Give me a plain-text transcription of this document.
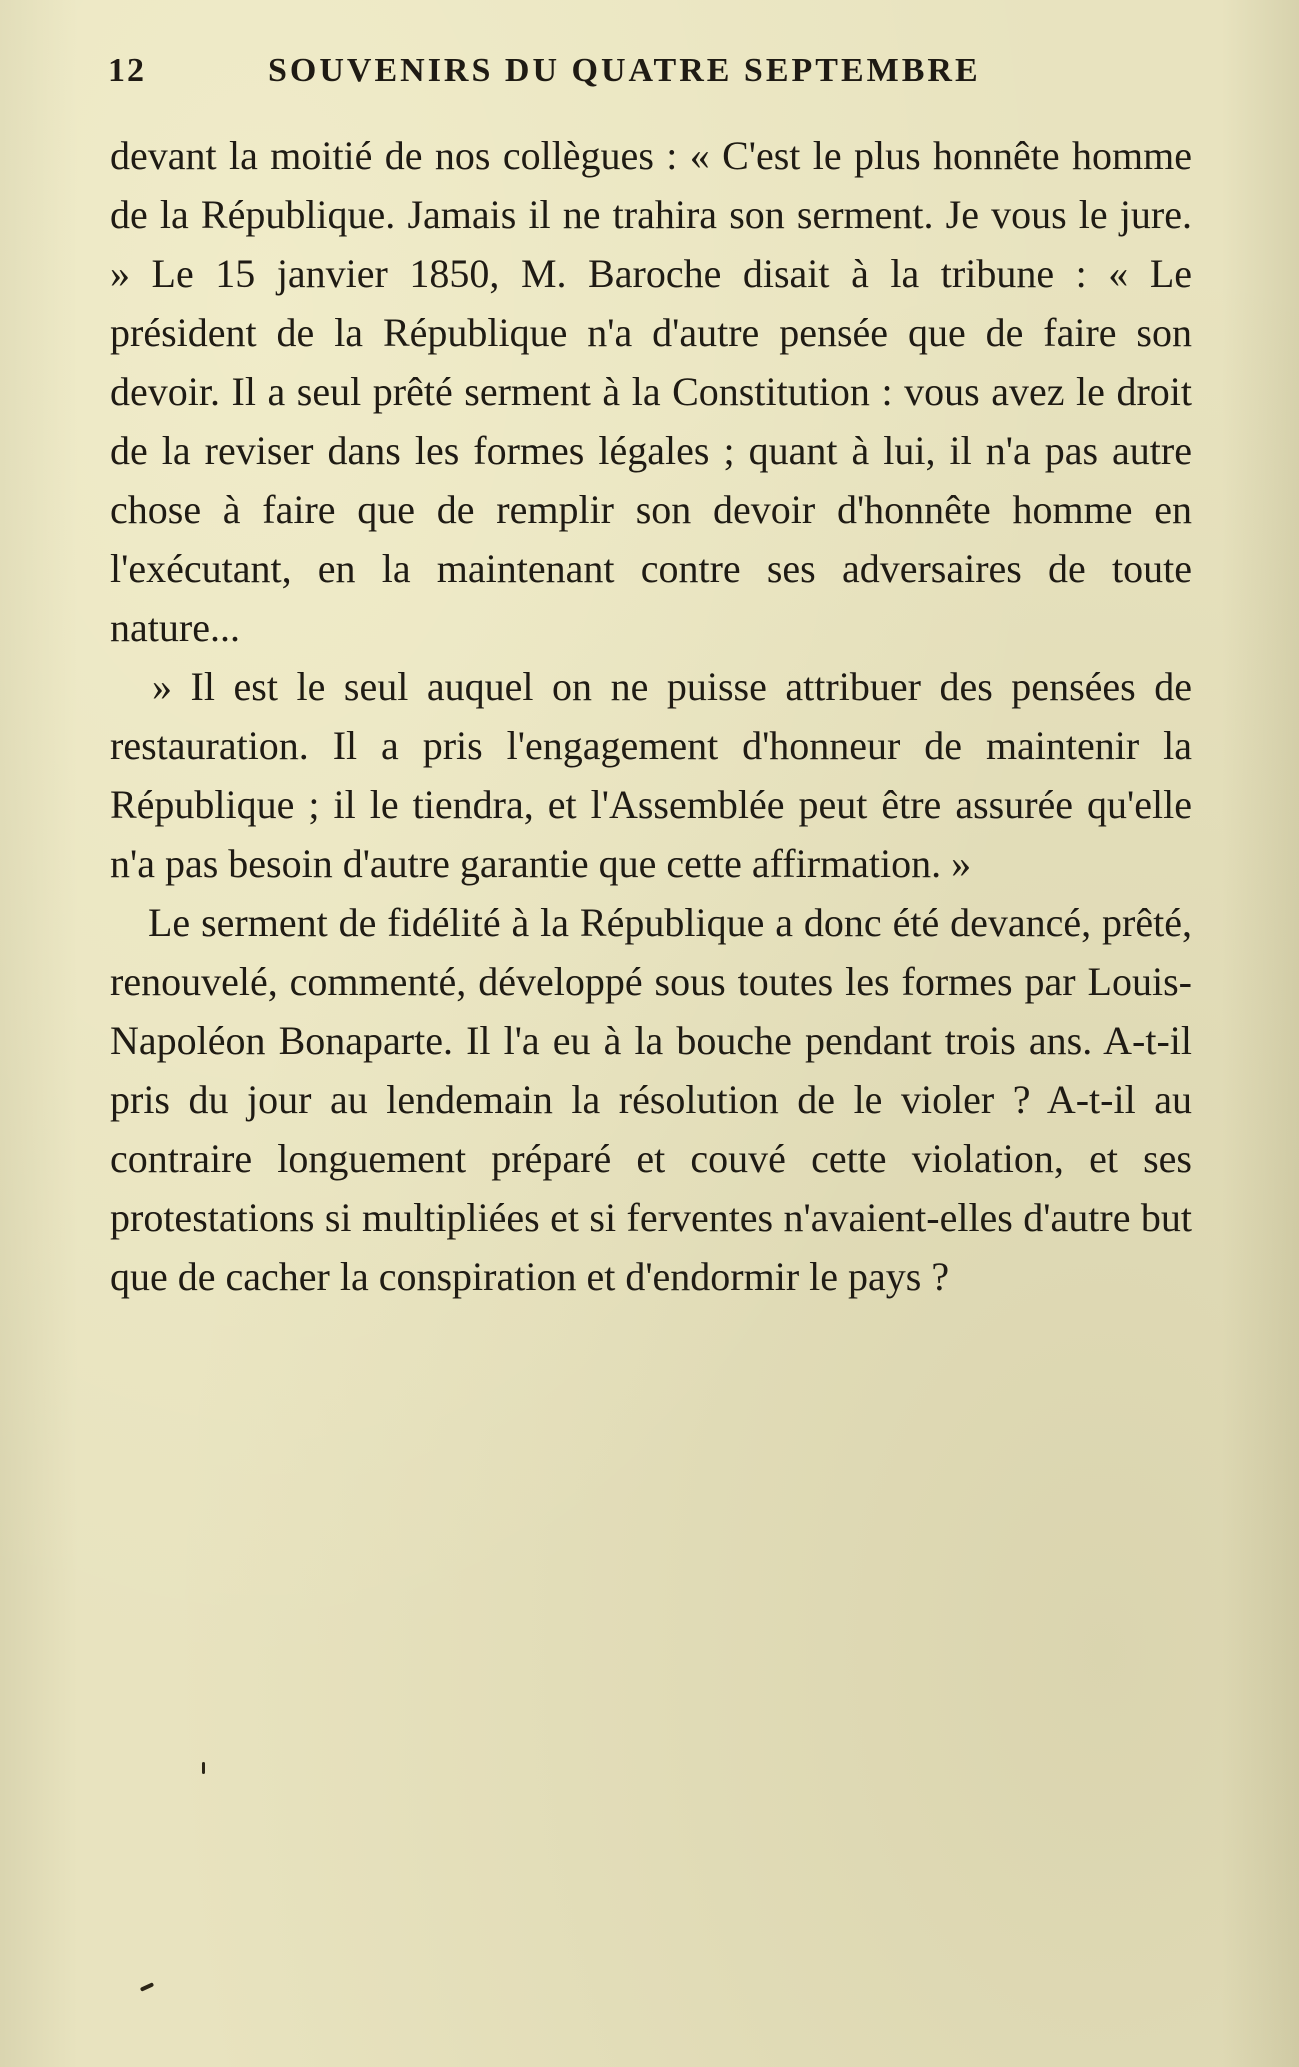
12	SOUVENIRS DU QUATRE SEPTEMBRE

devant la moitié de nos collègues : « C'est le plus honnête homme de la République. Jamais il ne trahira son serment. Je vous le jure. » Le 15 janvier 1850, M. Baroche disait à la tribune : « Le président de la République n'a d'autre pensée que de faire son devoir. Il a seul prêté serment à la Constitution : vous avez le droit de la reviser dans les formes légales ; quant à lui, il n'a pas autre chose à faire que de remplir son devoir d'honnête homme en l'exécutant, en la maintenant contre ses adversaires de toute nature...

» Il est le seul auquel on ne puisse attribuer des pensées de restauration. Il a pris l'engagement d'honneur de maintenir la République ; il le tiendra, et l'Assemblée peut être assurée qu'elle n'a pas besoin d'autre garantie que cette affirmation. »

Le serment de fidélité à la République a donc été devancé, prêté, renouvelé, commenté, développé sous toutes les formes par Louis-Napoléon Bonaparte. Il l'a eu à la bouche pendant trois ans. A-t-il pris du jour au lendemain la résolution de le violer ? A-t-il au contraire longuement préparé et couvé cette violation, et ses protestations si multipliées et si ferventes n'avaient-elles d'autre but que de cacher la conspiration et d'endormir le pays ?
